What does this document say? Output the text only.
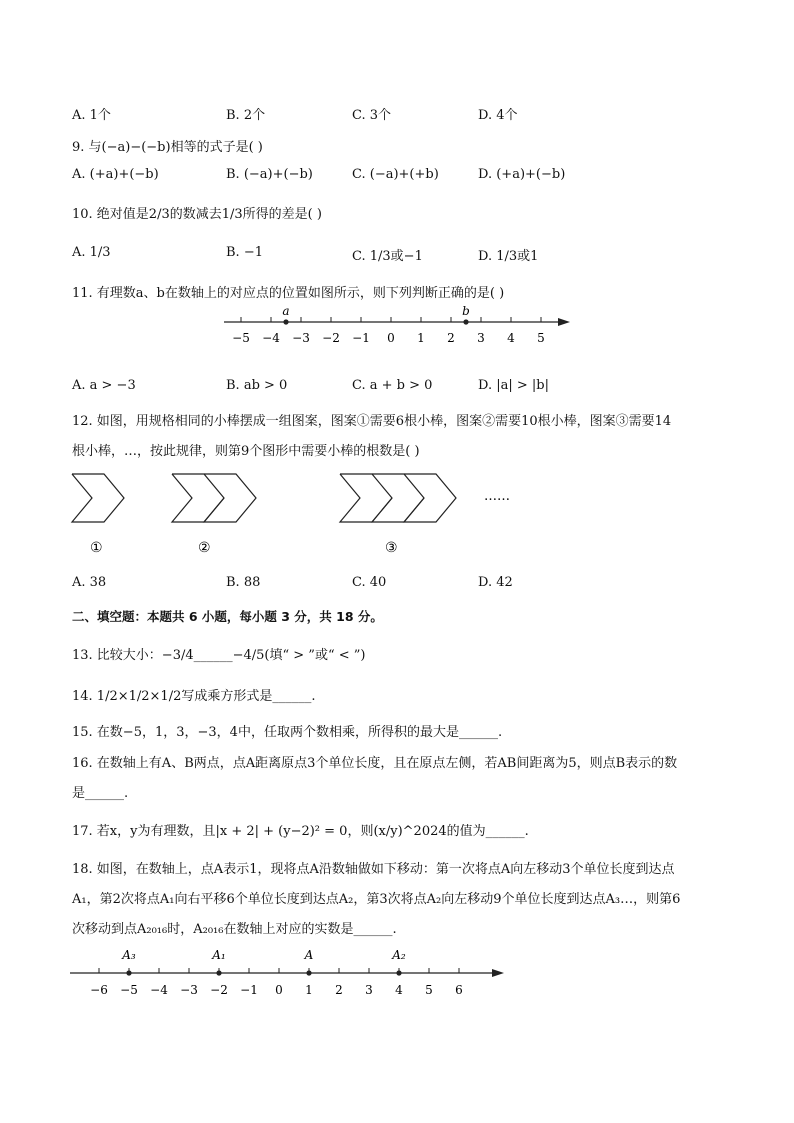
A. 1个	B. 2个	C. 3个	D. 4个
9. 与(−a)−(−b)相等的式子是( )
A. (+a)+(−b)	B. (−a)+(−b)	C. (−a)+(+b)	D. (+a)+(−b)
10. 绝对值是2/3的数减去1/3所得的差是( )
A. 1/3	B. −1	C. 1/3或−1	D. 1/3或1
11. 有理数a、b在数轴上的对应点的位置如图所示，则下列判断正确的是( )
−5 −4 −3 −2 −1 0 1 2 3 4 5
a	b
A. a > −3	B. ab > 0	C. a + b > 0	D. |a| > |b|
12. 如图，用规格相同的小棒摆成一组图案，图案①需要6根小棒，图案②需要10根小棒，图案③需要14
根小棒，…，按此规律，则第9个图形中需要小棒的根数是( )
……
①	②	③
A. 38	B. 88	C. 40	D. 42
二、填空题：本题共 6 小题，每小题 3 分，共 18 分。
13. 比较大小：−3/4______−4/5(填“ > ”或“ < ”)
14. 1/2×1/2×1/2写成乘方形式是______.
15. 在数−5，1，3，−3，4中，任取两个数相乘，所得积的最大是______.
16. 在数轴上有A、B两点，点A距离原点3个单位长度，且在原点左侧，若AB间距离为5，则点B表示的数
是______.
17. 若x，y为有理数，且|x + 2| + (y−2)² = 0，则(x/y)^2024的值为______.
18. 如图，在数轴上，点A表示1，现将点A沿数轴做如下移动：第一次将点A向左移动3个单位长度到达点
A₁，第2次将点A₁向右平移6个单位长度到达点A₂，第3次将点A₂向左移动9个单位长度到达点A₃…，则第6
次移动到点A₂₀₁₆时，A₂₀₁₆在数轴上对应的实数是______.
−6 −5 −4 −3 −2 −1 0 1 2 3 4 5 6
A₃	A₁	A	A₂
